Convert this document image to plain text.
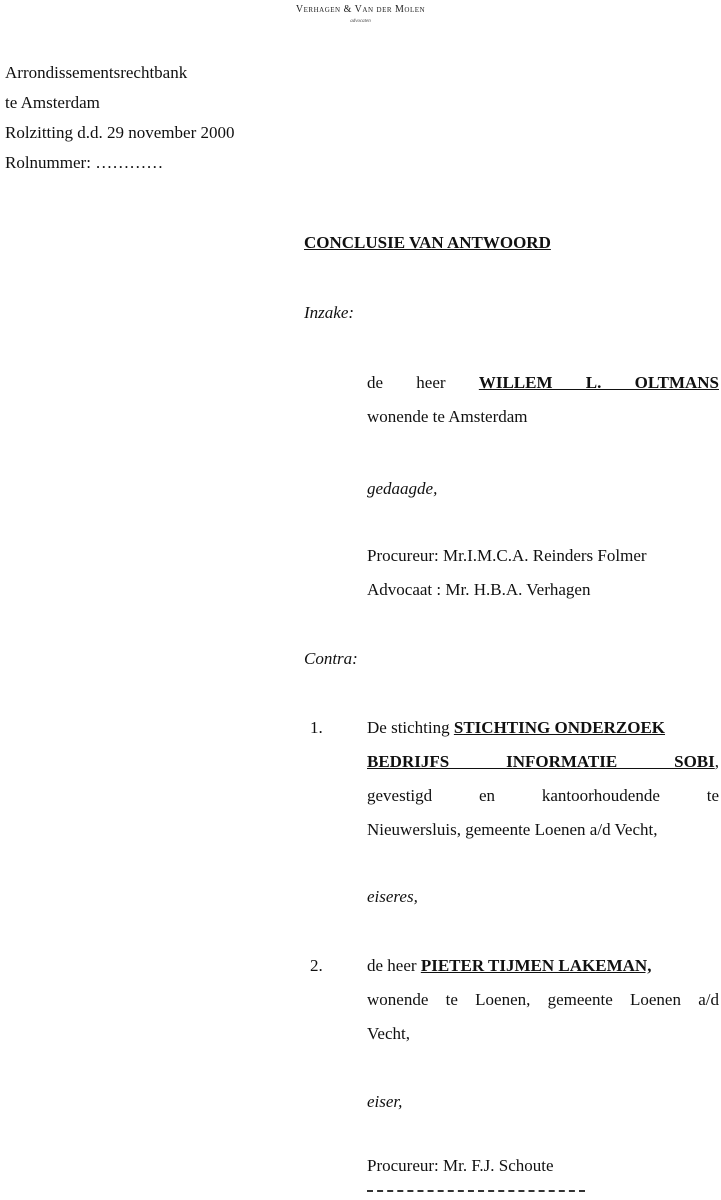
Verhagen & Van der Molen
advocaten
Arrondissementsrechtbank
te Amsterdam
Rolzitting d.d. 29 november 2000
Rolnummer: …………
CONCLUSIE VAN ANTWOORD
Inzake:
de heer WILLEM L. OLTMANS
wonende te Amsterdam
gedaagde,
Procureur: Mr.I.M.C.A. Reinders Folmer
Advocaat : Mr. H.B.A. Verhagen
Contra:
1.	De stichting STICHTING ONDERZOEK
BEDRIJFS INFORMATIE SOBI,
gevestigd en kantoorhoudende te
Nieuwersluis, gemeente Loenen a/d Vecht,
eiseres,
2.	de heer PIETER TIJMEN LAKEMAN,
wonende te Loenen, gemeente Loenen a/d
Vecht,
eiser,
Procureur: Mr. F.J. Schoute
